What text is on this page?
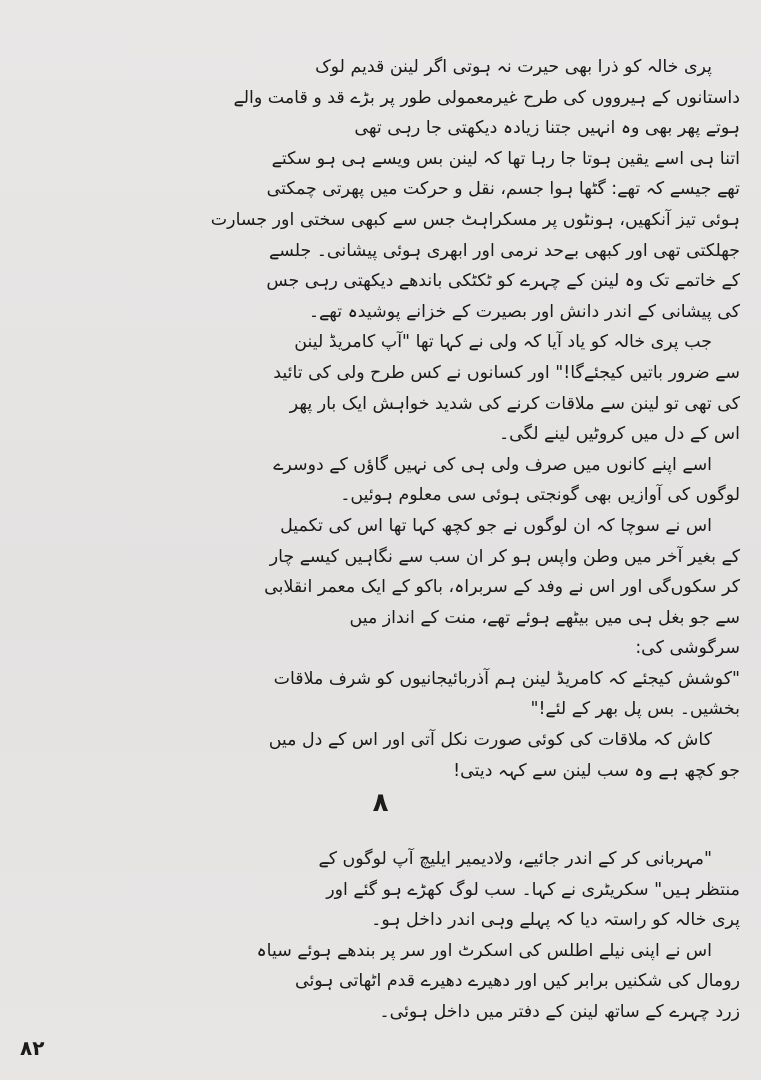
پری خالہ کو ذرا بھی حیرت نہ ہوتی اگر لینن قدیم لوک
داستانوں کے ہیرووں کی طرح غیرمعمولی طور پر بڑے قد و قامت والے
ہوتے پھر بھی وہ انہیں جتنا زیادہ دیکھتی جا رہی تھی
اتنا ہی اسے یقین ہوتا جا رہا تھا کہ لینن بس ویسے ہی ہو سکتے
تھے جیسے کہ تھے: گٹھا ہوا جسم، نقل و حرکت میں پھرتی چمکتی
ہوئی تیز آنکھیں، ہونٹوں پر مسکراہٹ جس سے کبھی سختی اور جسارت
جھلکتی تھی اور کبھی بےحد نرمی اور ابھری ہوئی پیشانی۔ جلسے
کے خاتمے تک وہ لینن کے چہرے کو ٹکٹکی باندھے دیکھتی رہی جس
کی پیشانی کے اندر دانش اور بصیرت کے خزانے پوشیدہ تھے۔
جب پری خالہ کو یاد آیا کہ ولی نے کہا تھا "آپ کامریڈ لینن
سے ضرور باتیں کیجئےگا!" اور کسانوں نے کس طرح ولی کی تائید
کی تھی تو لینن سے ملاقات کرنے کی شدید خواہش ایک بار پھر
اس کے دل میں کروٹیں لینے لگی۔
اسے اپنے کانوں میں صرف ولی ہی کی نہیں گاؤں کے دوسرے
لوگوں کی آوازیں بھی گونجتی ہوئی سی معلوم ہوئیں۔
اس نے سوچا کہ ان لوگوں نے جو کچھ کہا تھا اس کی تکمیل
کے بغیر آخر میں وطن واپس ہو کر ان سب سے نگاہیں کیسے چار
کر سکوں‌گی اور اس نے وفد کے سربراہ، باکو کے ایک معمر انقلابی
سے جو بغل ہی میں بیٹھے ہوئے تھے، منت کے انداز میں
سرگوشی کی:
"کوشش کیجئے کہ کامریڈ لینن ہم آذربائیجانیوں کو شرف ملاقات
بخشیں۔ بس پل بھر کے لئے!"
کاش کہ ملاقات کی کوئی صورت نکل آتی اور اس کے دل میں
جو کچھ ہے وہ سب لینن سے کہہ دیتی!
٨
"مہربانی کر کے اندر جائیے، ولادیمیر ایلیچ آپ لوگوں کے
منتظر ہیں" سکریٹری نے کہا۔ سب لوگ کھڑے ہو گئے اور
پری خالہ کو راستہ دیا کہ پہلے وہی اندر داخل ہو۔
اس نے اپنی نیلے اطلس کی اسکرٹ اور سر پر بندھے ہوئے سیاہ
رومال کی شکنیں برابر کیں اور دھیرے دھیرے قدم اٹھاتی ہوئی
زرد چہرے کے ساتھ لینن کے دفتر میں داخل ہوئی۔
٨٢
